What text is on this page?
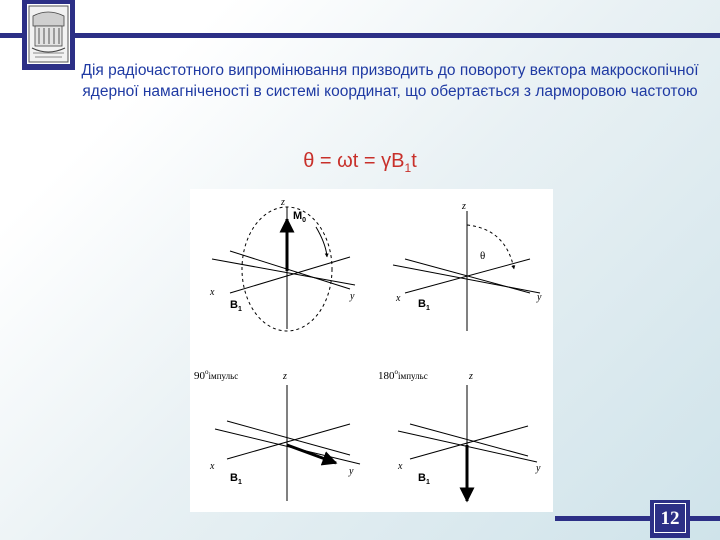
Дія радіочастотного випромінювання призводить до повороту вектора макроскопічної ядерної намагніченості в системі координат, що обертається з ларморовою частотою
$\theta = \omega t = \gamma B_1t$
z
$M_0$
x	y
$B_1$
z
θ
x	y
$B_1$
$90^o_{імпульс}$	z
x	y
$B_1$
$180^o_{імпульс}$	z
x	y
$B_1$
12
